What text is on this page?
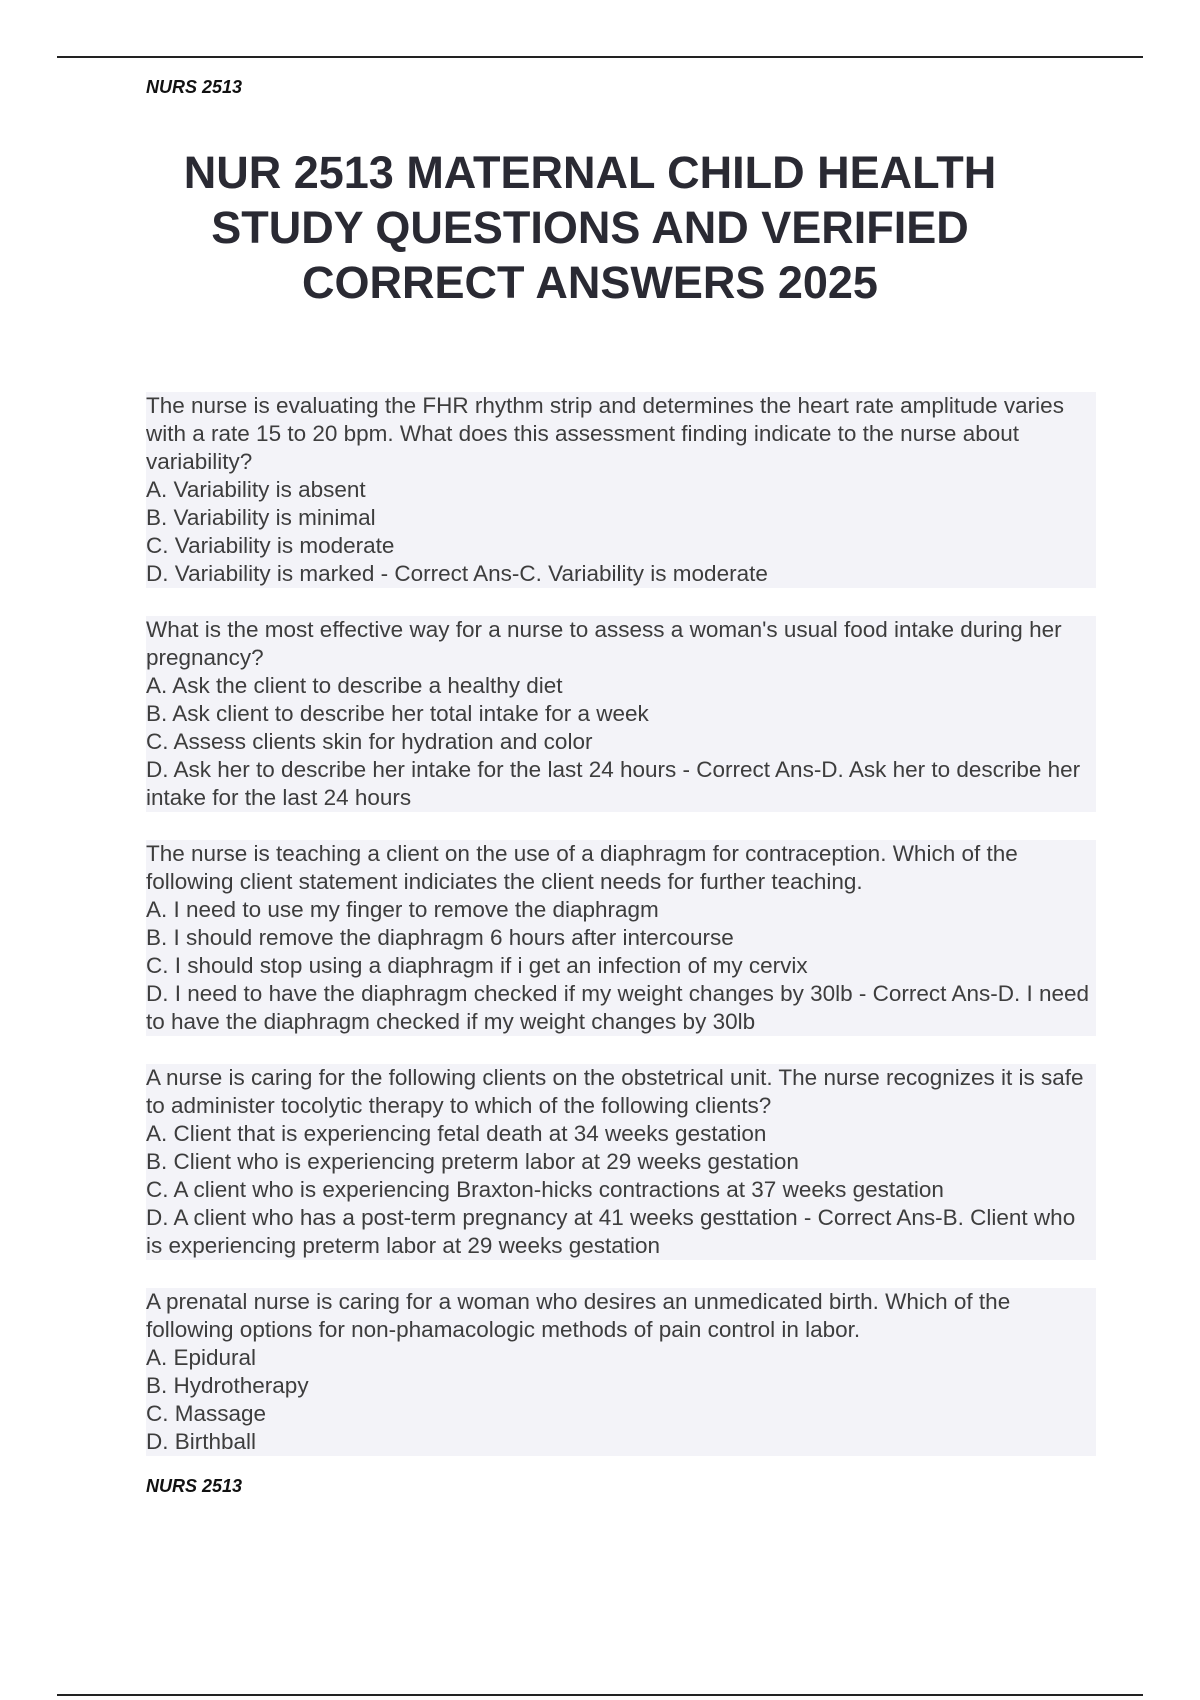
NURS 2513

NUR 2513 MATERNAL CHILD HEALTH STUDY QUESTIONS AND VERIFIED CORRECT ANSWERS 2025
The nurse is evaluating the FHR rhythm strip and determines the heart rate amplitude varies with a rate 15 to 20 bpm. What does this assessment finding indicate to the nurse about variability?
A. Variability is absent
B. Variability is minimal
C. Variability is moderate
D. Variability is marked - Correct Ans-C. Variability is moderate
What is the most effective way for a nurse to assess a woman's usual food intake during her pregnancy?
A. Ask the client to describe a healthy diet
B. Ask client to describe her total intake for a week
C. Assess clients skin for hydration and color
D. Ask her to describe her intake for the last 24 hours - Correct Ans-D. Ask her to describe her intake for the last 24 hours
The nurse is teaching a client on the use of a diaphragm for contraception. Which of the following client statement indiciates the client needs for further teaching.
A. I need to use my finger to remove the diaphragm
B. I should remove the diaphragm 6 hours after intercourse
C. I should stop using a diaphragm if i get an infection of my cervix
D. I need to have the diaphragm checked if my weight changes by 30lb - Correct Ans-D. I need to have the diaphragm checked if my weight changes by 30lb
A nurse is caring for the following clients on the obstetrical unit. The nurse recognizes it is safe to administer tocolytic therapy to which of the following clients?
A. Client that is experiencing fetal death at 34 weeks gestation
B. Client who is experiencing preterm labor at 29 weeks gestation
C. A client who is experiencing Braxton-hicks contractions at 37 weeks gestation
D. A client who has a post-term pregnancy at 41 weeks gesttation - Correct Ans-B. Client who is experiencing preterm labor at 29 weeks gestation
A prenatal nurse is caring for a woman who desires an unmedicated birth. Which of the following options for non-phamacologic methods of pain control in labor.
A. Epidural
B. Hydrotherapy
C. Massage
D. Birthball

NURS 2513
